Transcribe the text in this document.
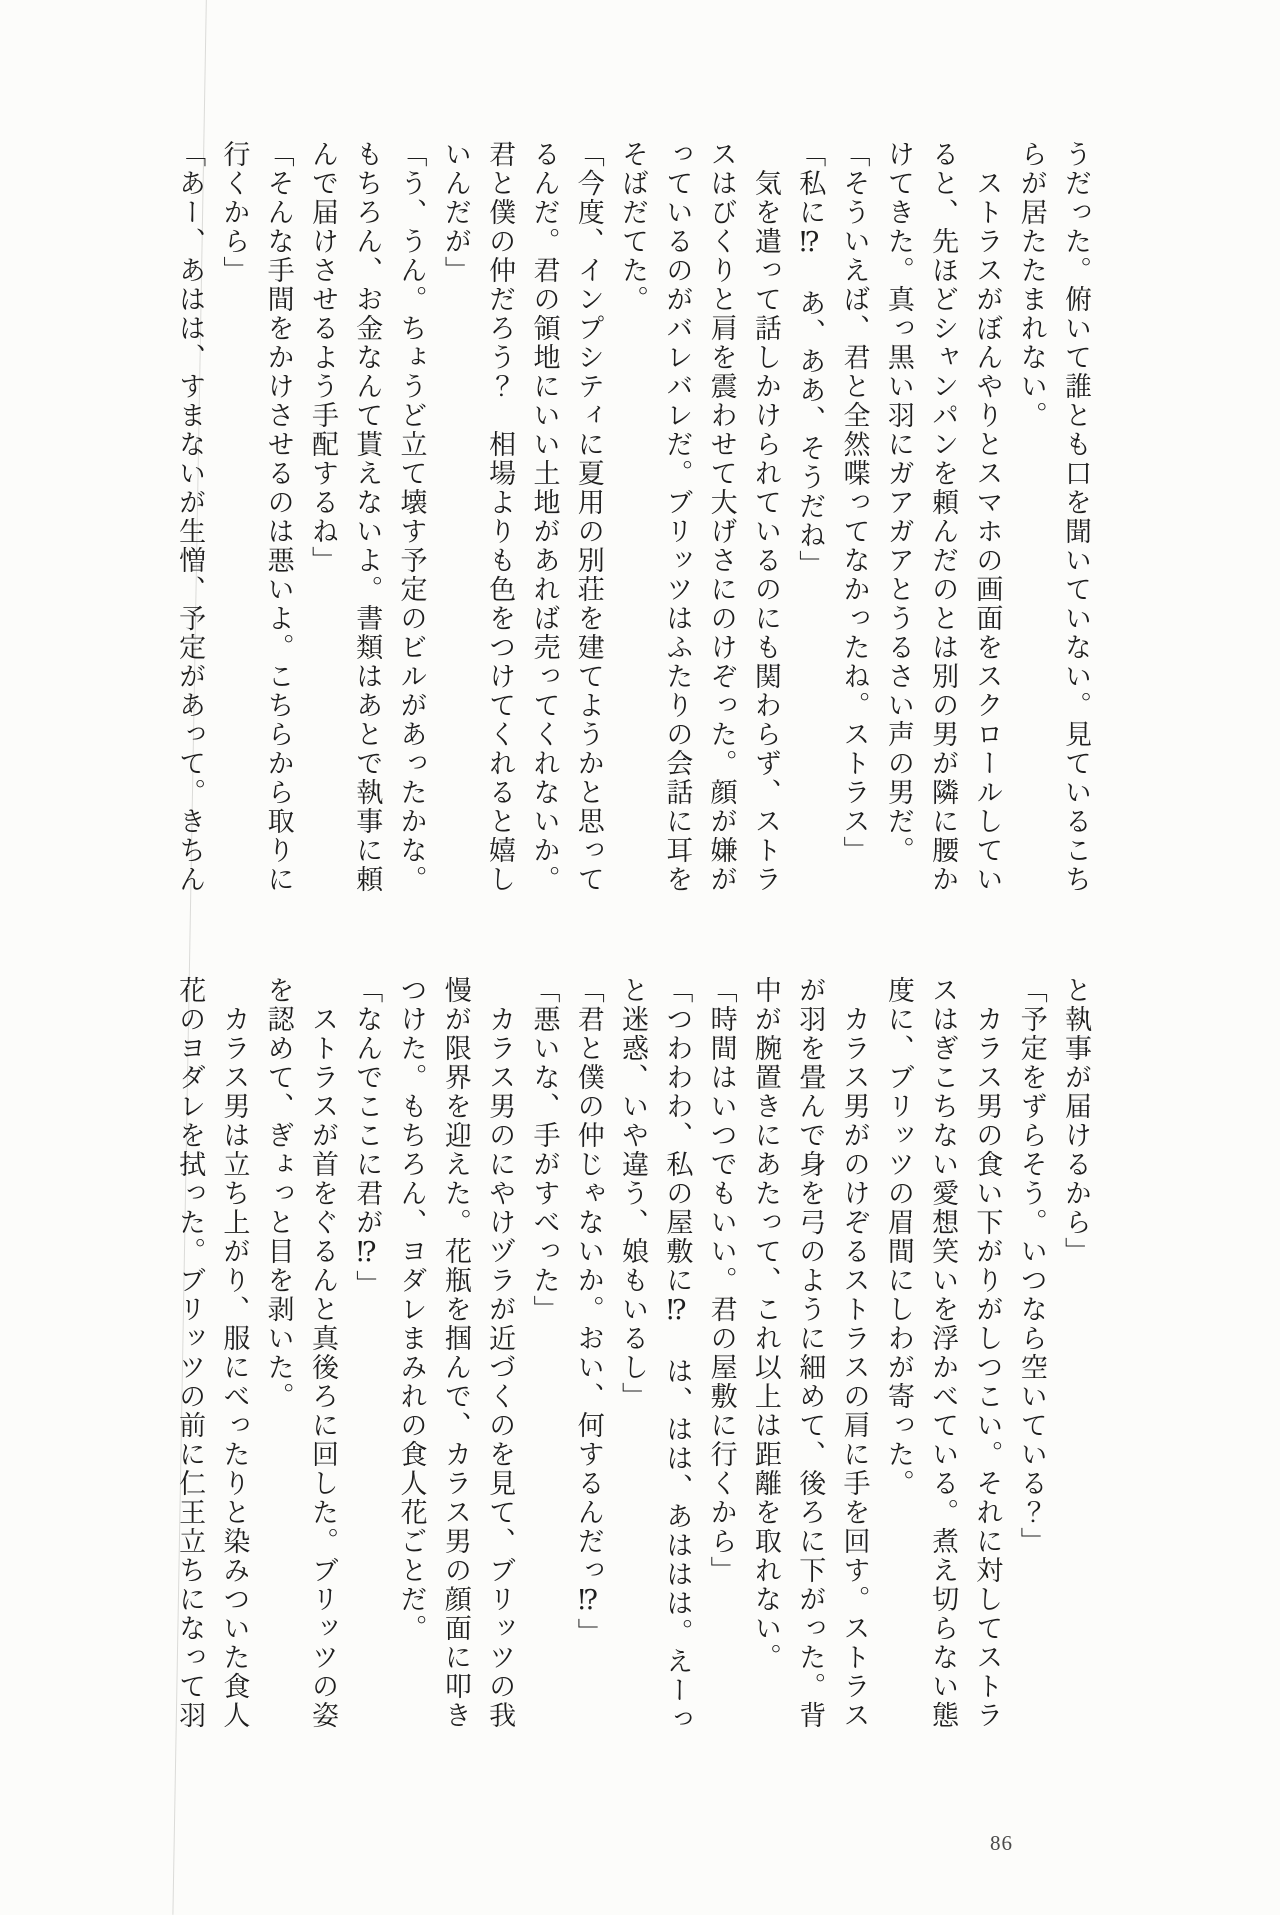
うだった。俯いて誰とも口を聞いていない。見ているこち
らが居たたまれない。
　ストラスがぼんやりとスマホの画面をスクロールしてい
ると、先ほどシャンパンを頼んだのとは別の男が隣に腰か
けてきた。真っ黒い羽にガアガアとうるさい声の男だ。
「そういえば、君と全然喋ってなかったね。ストラス」
「私に⁉　あ、ああ、そうだね」
　気を遣って話しかけられているのにも関わらず、ストラ
スはびくりと肩を震わせて大げさにのけぞった。顔が嫌が
っているのがバレバレだ。ブリッツはふたりの会話に耳を
そばだてた。
「今度、インプシティに夏用の別荘を建てようかと思って
るんだ。君の領地にいい土地があれば売ってくれないか。
君と僕の仲だろう？　相場よりも色をつけてくれると嬉し
いんだが」
「う、うん。ちょうど立て壊す予定のビルがあったかな。
もちろん、お金なんて貰えないよ。書類はあとで執事に頼
んで届けさせるよう手配するね」
「そんな手間をかけさせるのは悪いよ。こちらから取りに
行くから」
「あー、あはは、すまないが生憎、予定があって。きちん
と執事が届けるから」
「予定をずらそう。いつなら空いている？」
　カラス男の食い下がりがしつこい。それに対してストラ
スはぎこちない愛想笑いを浮かべている。煮え切らない態
度に、ブリッツの眉間にしわが寄った。
　カラス男がのけぞるストラスの肩に手を回す。ストラス
が羽を畳んで身を弓のように細めて、後ろに下がった。背
中が腕置きにあたって、これ以上は距離を取れない。
「時間はいつでもいい。君の屋敷に行くから」
「つわわわ、私の屋敷に⁉　は、はは、あははは。えーっ
と迷惑、いや違う、娘もいるし」
「君と僕の仲じゃないか。おい、何するんだっ⁉」
「悪いな、手がすべった」
　カラス男のにやけヅラが近づくのを見て、ブリッツの我
慢が限界を迎えた。花瓶を掴んで、カラス男の顔面に叩き
つけた。もちろん、ヨダレまみれの食人花ごとだ。
「なんでここに君が⁉」
　ストラスが首をぐるんと真後ろに回した。ブリッツの姿
を認めて、ぎょっと目を剥いた。
　カラス男は立ち上がり、服にべったりと染みついた食人
花のヨダレを拭った。ブリッツの前に仁王立ちになって羽
86
